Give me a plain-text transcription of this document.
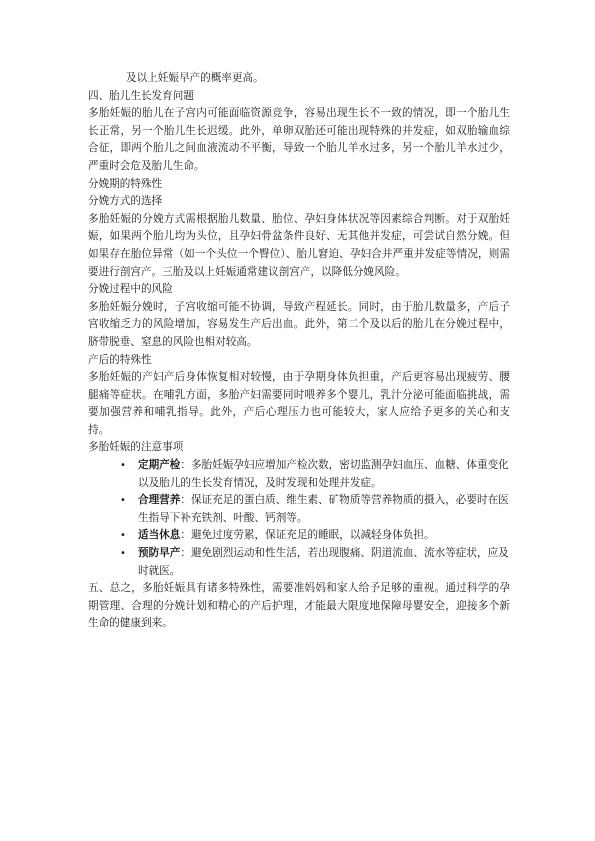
及以上妊娠早产的概率更高。

四、胎儿生长发育问题

多胎妊娠的胎儿在子宫内可能面临资源竞争，容易出现生长不一致的情况，即一个胎儿生长正常，另一个胎儿生长迟缓。此外，单卵双胎还可能出现特殊的并发症，如双胎输血综合征，即两个胎儿之间血液流动不平衡，导致一个胎儿羊水过多，另一个胎儿羊水过少，严重时会危及胎儿生命。

分娩期的特殊性

分娩方式的选择

多胎妊娠的分娩方式需根据胎儿数量、胎位、孕妇身体状况等因素综合判断。对于双胎妊娠，如果两个胎儿均为头位，且孕妇骨盆条件良好、无其他并发症，可尝试自然分娩。但如果存在胎位异常（如一个头位一个臀位）、胎儿窘迫、孕妇合并严重并发症等情况，则需要进行剖宫产。三胎及以上妊娠通常建议剖宫产，以降低分娩风险。

分娩过程中的风险

多胎妊娠分娩时，子宫收缩可能不协调，导致产程延长。同时，由于胎儿数量多，产后子宫收缩乏力的风险增加，容易发生产后出血。此外，第二个及以后的胎儿在分娩过程中，脐带脱垂、窒息的风险也相对较高。

产后的特殊性

多胎妊娠的产妇产后身体恢复相对较慢，由于孕期身体负担重，产后更容易出现疲劳、腰腿痛等症状。在哺乳方面，多胎产妇需要同时喂养多个婴儿，乳汁分泌可能面临挑战，需要加强营养和哺乳指导。此外，产后心理压力也可能较大，家人应给予更多的关心和支持。

多胎妊娠的注意事项

• 定期产检：多胎妊娠孕妇应增加产检次数，密切监测孕妇血压、血糖、体重变化以及胎儿的生长发育情况，及时发现和处理并发症。
• 合理营养：保证充足的蛋白质、维生素、矿物质等营养物质的摄入，必要时在医生指导下补充铁剂、叶酸、钙剂等。
• 适当休息：避免过度劳累，保证充足的睡眠，以减轻身体负担。
• 预防早产：避免剧烈运动和性生活，若出现腹痛、阴道流血、流水等症状，应及时就医。

五、总之，多胎妊娠具有诸多特殊性，需要准妈妈和家人给予足够的重视。通过科学的孕期管理、合理的分娩计划和精心的产后护理，才能最大限度地保障母婴安全，迎接多个新生命的健康到来。
